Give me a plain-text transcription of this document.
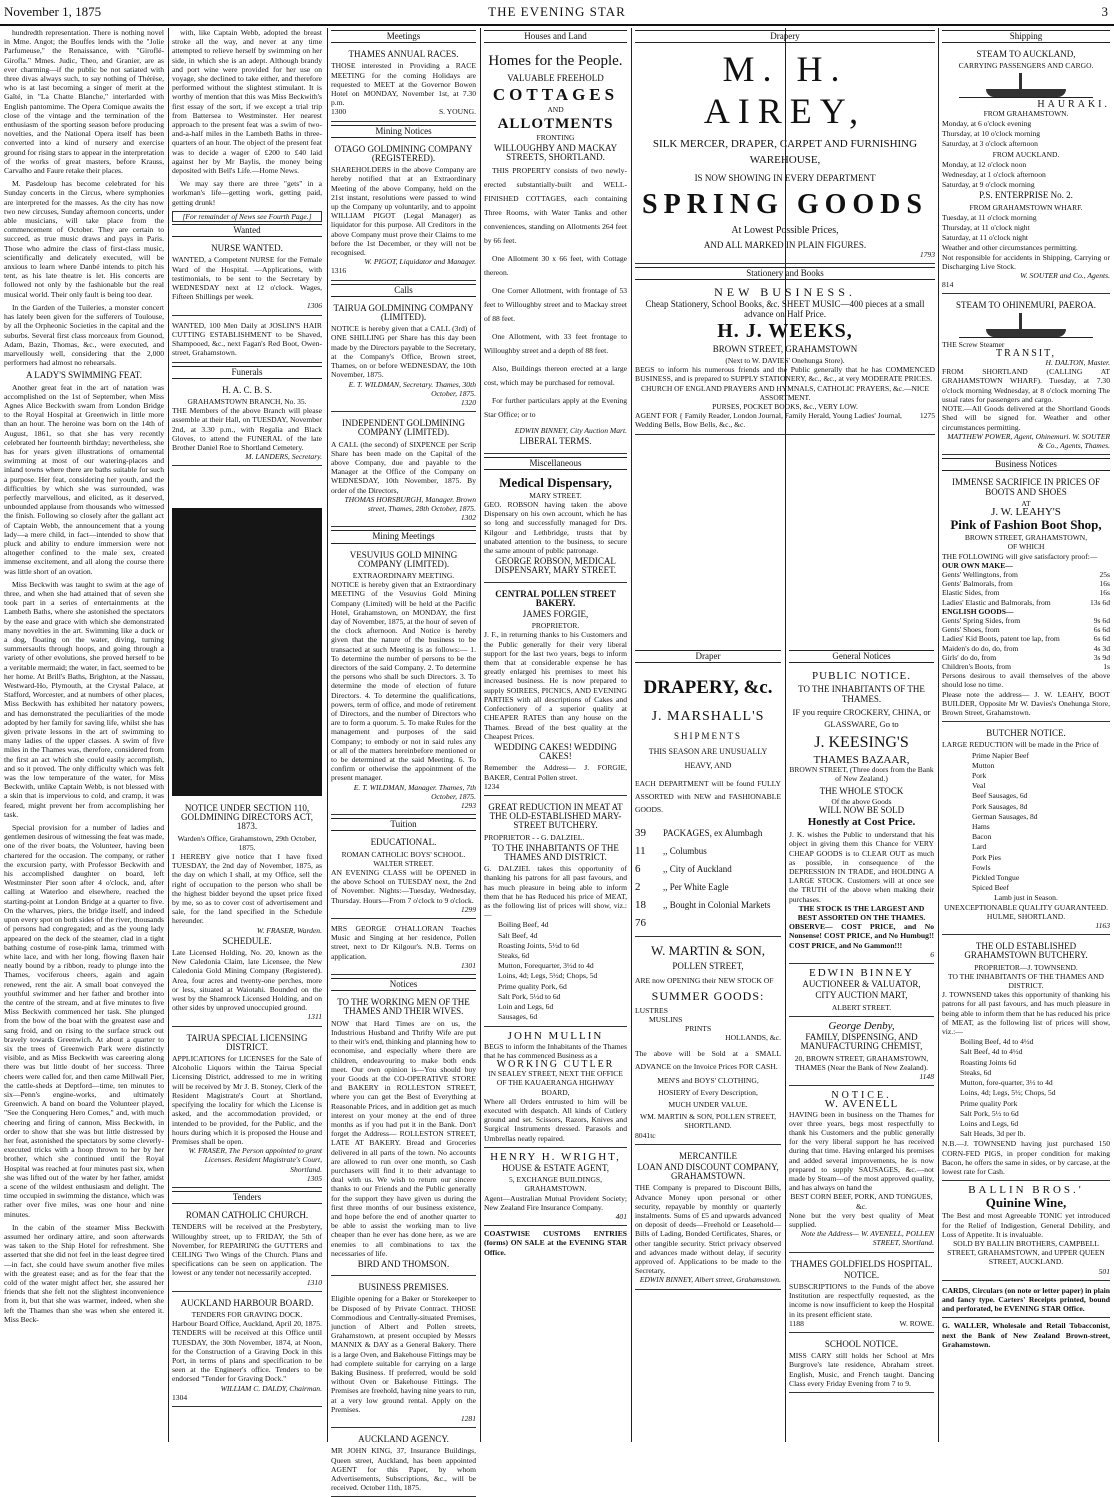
November 1, 1875	THE EVENING STAR	3

hundredth representation. There is nothing novel in Mme. Angot; the Bouffes lends with the "Jolie Parfumeuse," the Renaissance, with "Giroflé-Girofla." Mmes. Judic, Theo, and Granier, are as ever charming—if the public be not satiated with three divas always such, to say nothing of Thérèse, who is at last becoming a singer of merit at the Gaîté, in "La Chatte Blanche," interlarded with English pantomime. The Opera Comique awaits the close of the vintage and the termination of the enthusiasm of the sporting season before producing novelties, and the National Opera itself has been converted into a kind of nursery and exercise ground for rising stars to appear in the interpretation of the works of great masters, before Krauss, Carvalho and Faure retake their places.

M. Pasdeloup has become celebrated for his Sunday concerts in the Circus, where symphonies are interpreted for the masses. As the city has now two new circuses, Sunday afternoon concerts, under able musicians, will take place from the commencement of October. They are certain to succeed, as true music draws and pays in Paris. Those who admire the class of first-class music, scientifically and delicately executed, will be anxious to learn where Danbé intends to pitch his tent, as his late theatre is let. His concerts are followed not only by the fashionable but the real musical world. Their only fault is being too dear.

In the Garden of the Tuileries, a monster concert has lately been given for the sufferers of Toulouse, by all the Orpheonic Societies in the capital and the suburbs. Several first class morceaux from Gounod, Adam, Bazin, Thomas, &c., were executed, and marvellously well, considering that the 2,000 performers had almost no rehearsals.

A LADY'S SWIMMING FEAT.

Another great feat in the art of natation was accomplished on the 1st of September, when Miss Agnes Alice Beckwith swam from London Bridge to the Royal Hospital at Greenwich in little more than an hour. The heroine was born on the 14th of August, 1861, so that she has very recently celebrated her fourteenth birthday; nevertheless, she has for years given illustrations of ornamental swimming at most of our watering-places and inland towns where there are baths suitable for such a purpose. Her feat, considering her youth, and the difficulties by which she was surrounded, was perfectly marvellous, and elicited, as it deserved, unbounded applause from thousands who witnessed the finish. Following so closely after the gallant act of Captain Webb, the announcement that a young lady—a mere child, in fact—intended to show that pluck and ability to endure immersion were not altogether confined to the male sex, created immense excitement, and all along the course there was little short of an ovation.

Miss Beckwith was taught to swim at the age of three, and when she had attained that of seven she took part in a series of entertainments at the Lambeth Baths, where she astonished the spectators by the ease and grace with which she demonstrated many novelties in the art. Swimming like a duck or a dog, floating on the water, diving, turning summersaults through hoops, and going through a variety of other evolutions, she proved herself to be a veritable mermaid; the water, in fact, seemed to be her home. At Brill's Baths, Brighton, at the Nassau, Westward-Ho, Plymouth, at the Crystal Palace, at Stafford, Worcester, and at numbers of other places, Miss Beckwith has exhibited her natatory powers, and has demonstrated the peculiarities of the mode adopted by her family for saving life, whilst she has given private lessons in the art of swimming to many ladies of the upper classes. A swim of five miles in the Thames was, therefore, considered from the first an act which she could easily accomplish, and so it proved. The only difficulty which was felt was the low temperature of the water, for Miss Beckwith, unlike Captain Webb, is not blessed with a skin that is impervious to cold, and cramp, it was feared, might prevent her from accomplishing her task.

Special provision for a number of ladies and gentlemen desirous of witnessing the feat was made, one of the river boats, the Volunteer, having been chartered for the occasion. The company, or rather the excursion party, with Professor Beckwith and his accomplished daughter on board, left Westminster Pier soon after 4 o'clock, and, after calling at Waterloo and elsewhere, reached the starting-point at London Bridge at a quarter to five. On the wharves, piers, the bridge itself, and indeed upon every spot on both sides of the river, thousands of persons had congregated; and as the young lady appeared on the deck of the steamer, clad in a tight bathing costume of rose-pink lama, trimmed with white lace, and with her long, flowing flaxen hair neatly bound by a ribbon, ready to plunge into the Thames, vociferous cheers, again and again renewed, rent the air. A small boat conveyed the youthful swimmer and her father and brother into the centre of the stream, and at five minutes to five Miss Beckwith commenced her task. She plunged from the bow of the boat with the greatest ease and sang froid, and on rising to the surface struck out bravely towards Greenwich. At about a quarter to six the trees of Greenwich Park were distinctly visible, and as Miss Beckwith was careering along there was but little doubt of her success. Three cheers were called for, and then came Millwall Pier, the cattle-sheds at Deptford—time, ten minutes to six—Penn's engine-works, and ultimately Greenwich. A band on board the Volunteer played, "See the Conquering Hero Comes," and, with much cheering and firing of cannon, Miss Beckwith, in order to show that she was but little distressed by her feat, astonished the spectators by some cleverly-executed tricks with a hoop thrown to her by her brother, which she continued until the Royal Hospital was reached at four minutes past six, when she was lifted out of the water by her father, amidst a scene of the wildest enthusiasm and delight. The time occupied in swimming the distance, which was rather over five miles, was one hour and nine minutes.

In the cabin of the steamer Miss Beckwith assumed her ordinary attire, and soon afterwards was taken to the Ship Hotel for refreshment. She asserted that she did not feel in the least degree tired—in fact, she could have swum another five miles with the greatest ease; and as for the fear that the cold of the water might affect her, she assured her friends that she felt not the slightest inconvenience from it, but that she was warmer, indeed, when she left the Thames than she was when she entered it. Miss Beck-

with, like Captain Webb, adopted the breast stroke all the way, and never at any time attempted to relieve herself by swimming on her side, in which she is an adept. Although brandy and port wine were provided for her use on voyage, she declined to take either, and therefore performed without the slightest stimulant. It is worthy of mention that this was Miss Beckwith's first essay of the sort, if we except a trial trip from Battersea to Westminster. Her nearest approach to the present feat was a swim of two-and-a-half miles in the Lambeth Baths in three-quarters of an hour. The object of the present feat was to decide a wager of £200 to £40 laid against her by Mr Baylis, the money being deposited with Bell's Life.—Home News.

We may say there are three "gets" in a workman's life—getting work, getting paid, getting drunk!

[For remainder of News see Fourth Page.]
Wanted
NURSE WANTED.
WANTED, a Competent NURSE for the Female Ward of the Hospital. —Applications, with testimonials, to be sent to the Secretary by WEDNESDAY next at 12 o'clock. Wages, Fifteen Shillings per week.
1306
WANTED, 100 Men Daily at JOSLIN'S HAIR CUTTING ESTABLISHMENT to be Shaved, Shampooed, &c., next Fagan's Red Boot, Owen-street, Grahamstown.
Funerals
H. A. C. B. S.
GRAHAMSTOWN BRANCH, No. 35.
THE Members of the above Branch will please assemble at their Hall, on TUESDAY, November 2nd, at 3.30 p.m., with Regalia and Black Gloves, to attend the FUNERAL of the late Brother Daniel Roe to Shortland Cemetery.
M. LANDERS, Secretary.
NOTICE UNDER SECTION 110, GOLDMINING DIRECTORS ACT, 1873.
Warden's Office, Grahamstown, 29th October, 1875.
I HEREBY give notice that I have fixed TUESDAY, the 2nd day of November, 1875, as the day on which I shall, at my Office, sell the right of occupation to the person who shall be the highest bidder beyond the upset price fixed by me, so as to cover cost of advertisement and sale, for the land specified in the Schedule hereunder.
W. FRASER, Warden.
SCHEDULE.
Late Licensed Holding, No. 20, known as the New Caledonia Claim, late Licensee, the New Caledonia Gold Mining Company (Registered). Area, four acres and twenty-one perches, more or less, situated at Waiotahi. Bounded on the west by the Shamrock Licensed Holding, and on other sides by unproved unoccupied ground.
1311
TAIRUA SPECIAL LICENSING DISTRICT.
APPLICATIONS for LICENSES for the Sale of Alcoholic Liquors within the Tairua Special Licensing District, addressed to me in writing will be received by Mr J. B. Stoney, Clerk of the Resident Magistrate's Court at Shortland, specifying the locality for which the License is asked, and the accommodation provided, or intended to be provided, for the Public, and the hours during which it is proposed the House and Premises shall be open.
W. FRASER, The Person appointed to grant Licenses. Resident Magistrate's Court, Shortland.
1305
Tenders
ROMAN CATHOLIC CHURCH.
TENDERS will be received at the Presbytery, Willoughby street, up to FRIDAY, the 5th of November, for REPAIRING the GUTTERS and CEILING Two Wings of the Church. Plans and specifications can be seen on application. The lowest or any tender not necessarily accepted.
1310
AUCKLAND HARBOUR BOARD.
TENDERS FOR GRAVING DOCK.
Harbour Board Office, Auckland, April 20, 1875. TENDERS will be received at this Office until TUESDAY, the 30th November, 1874, at Noon, for the Construction of a Graving Dock in this Port, in terms of plans and specification to be seen at the Engineer's office. Tenders to be endorsed "Tender for Graving Dock."
WILLIAM C. DALDY, Chairman.
1304
Meetings
THAMES ANNUAL RACES.
THOSE interested in Providing a RACE MEETING for the coming Holidays are requested to MEET at the Governor Bowen Hotel on MONDAY, November 1st, at 7.30 p.m.
1300	S. YOUNG.
Mining Notices
OTAGO GOLDMINING COMPANY (REGISTERED).
SHAREHOLDERS in the above Company are hereby notified that at an Extraordinary Meeting of the above Company, held on the 21st instant, resolutions were passed to wind up the Company up voluntarily, and to appoint WILLIAM PIGOT (Legal Manager) as liquidator for this purpose. All Creditors in the above Company must prove their Claims to me before the 1st December, or they will not be recognised.
W. PIGOT, Liquidator and Manager.
1316
Calls
TAIRUA GOLDMINING COMPANY (LIMITED).
NOTICE is hereby given that a CALL (3rd) of ONE SHILLING per Share has this day been made by the Directors payable to the Secretary, at the Company's Office, Brown street, Thames, on or before WEDNESDAY, the 10th November, 1875.
E. T. WILDMAN, Secretary. Thames, 30th October, 1875.
1320
INDEPENDENT GOLDMINING COMPANY (LIMITED).
A CALL (the second) of SIXPENCE per Scrip Share has been made on the Capital of the above Company, due and payable to the Manager at the Office of the Company on WEDNESDAY, 10th November, 1875. By order of the Directors,
THOMAS HORSBURGH, Manager. Brown street, Thames, 28th October, 1875.
1302
Mining Meetings
VESUVIUS GOLD MINING COMPANY (LIMITED).
EXTRAORDINARY MEETING.
NOTICE is hereby given that an Extraordinary MEETING of the Vesuvius Gold Mining Company (Limited) will be held at the Pacific Hotel, Grahamstown, on MONDAY, the first day of November, 1875, at the hour of seven of the clock afternoon. And Notice is hereby given that the nature of the business to be transacted at such Meeting is as follows:— 1. To determine the number of persons to be the directors of the said Company. 2. To determine the persons who shall be such Directors. 3. To determine the mode of election of future Directors. 4. To determine the qualifications, powers, term of office, and mode of retirement of Directors, and the number of Directors who are to form a quorum. 5. To make Rules for the management and purposes of the said Company; to embody or not in said rules any or all of the matters hereinbefore mentioned or to be determined at the said Meeting. 6. To confirm or otherwise the appointment of the present manager.
E. T. WILDMAN, Manager. Thames, 7th October, 1875.
1293
Tuition
EDUCATIONAL.
ROMAN CATHOLIC BOYS' SCHOOL. WALTER STREET.
AN EVENING CLASS will be OPENED in the above School on TUESDAY next, the 2nd of November. Nights:—Tuesday, Wednesday, Thursday. Hours—From 7 o'clock to 9 o'clock.
1299
MRS GEORGE O'HALLORAN Teaches Music and Singing at her residence, Pollen street, next to Dr Kilgour's. N.B. Terms on application.
1301
Notices
TO THE WORKING MEN OF THE THAMES AND THEIR WIVES.
NOW that Hard Times are on us, the Industrious Husband and Thrifty Wife are put to their wit's end, thinking and planning how to economise, and especially where there are children, endeavouring to make both ends meet. Our own opinion is—You should buy your Goods at the CO-OPERATIVE STORE and BAKERY in ROLLESTON STREET, where you can get the Best of Everything at Reasonable Prices, and in addition get as much interest on your money at the end of three months as if you had put it in the Bank. Don't forget the Address— ROLLESTON STREET, LATE AT BAKERY. Bread and Groceries delivered in all parts of the town. No accounts are allowed to run over one month, so Cash purchasers will find it to their advantage to deal with us. We wish to return our sincere thanks to our Friends and the Public generally for the support they have given us during the first three months of our business existence, and hope before the end of another quarter to be able to assist the working man to live cheaper than he ever has done here, as we are enemies to all combinations to tax the necessaries of life.
BIRD AND THOMSON.
BUSINESS PREMISES.
Eligible opening for a Baker or Storekeeper to be Disposed of by Private Contract. THOSE Commodious and Centrally-situated Premises, junction of Albert and Pollen streets, Grahamstown, at present occupied by Messrs MANNIX & DAY as a General Bakery. There is a large Oven, and Bakehouse Fittings may be had complete suitable for carrying on a large Baking Business. If preferred, would be sold without Oven or Bakehouse Fittings. The Premises are freehold, having nine years to run, at a very low ground rental. Apply on the Premises.
1281
AUCKLAND AGENCY.
MR JOHN KING, 37, Insurance Buildings, Queen street, Auckland, has been appointed AGENT for this Paper, by whom Advertisements, Subscriptions, &c., will be received. October 11th, 1875.
Houses and Land
Homes for the People.
VALUABLE FREEHOLD
COTTAGES
AND
ALLOTMENTS
FRONTING
WILLOUGHBY AND MACKAY STREETS, SHORTLAND.

THIS PROPERTY consists of two newly-erected substantially-built and WELL-FINISHED COTTAGES, each containing Three Rooms, with Water Tanks and other conveniences, standing on Allotments 264 feet by 66 feet.

One Allotment 30 x 66 feet, with Cottage thereon.

One Corner Allotment, with frontage of 53 feet to Willoughby street and to Mackay street of 88 feet.

One Allotment, with 33 feet frontage to Willoughby street and a depth of 88 feet.

Also, Buildings thereon erected at a large cost, which may be purchased for removal.

For further particulars apply at the Evening Star Office; or to

EDWIN BINNEY, City Auction Mart.
LIBERAL TERMS.
Miscellaneous
Medical Dispensary,
MARY STREET.
GEO. ROBSON having taken the above Dispensary on his own account, which he has so long and successfully managed for Drs. Kilgour and Lethbridge, trusts that by unabated attention to the business, to secure the same amount of public patronage.
GEORGE ROBSON, MEDICAL DISPENSARY, MARY STREET.
CENTRAL POLLEN STREET BAKERY.
JAMES FORGIE,
PROPRIETOR.
J. F., in returning thanks to his Customers and the Public generally for their very liberal support for the last two years, begs to inform them that at considerable expense he has greatly enlarged his premises to meet his increased business. He is now prepared to supply SOIREES, PICNICS, AND EVENING PARTIES with all descriptions of Cakes and Confectionery of a superior quality at CHEAPER RATES than any house on the Thames. Bread of the best quality at the Cheapest Prices.
WEDDING CAKES! WEDDING CAKES!
Remember the Address— J. FORGIE, BAKER, Central Pollen street.
1234
GREAT REDUCTION IN MEAT AT THE OLD-ESTABLISHED MARY-STREET BUTCHERY.
PROPRIETOR - - G. DALZIEL.
TO THE INHABITANTS OF THE THAMES AND DISTRICT.
G. DALZIEL takes this opportunity of thanking his patrons for all past favours, and has much pleasure in being able to inform them that he has Reduced his price of MEAT, as the following list of prices will show, viz.:—
Boiling Beef, 4d
Salt Beef, 4d
Roasting Joints, 5½d to 6d
Steaks, 6d
Mutton, Forequarter, 3½d to 4d
Loins, 4d; Legs, 5½d; Chops, 5d
Prime quality Pork, 6d
Salt Pork, 5½d to 6d
Loin and Legs, 6d
Sausages, 6d
JOHN MULLIN
BEGS to inform the Inhabitants of the Thames that he has commenced Business as a
WORKING CUTLER
IN SEALEY STREET, NEXT THE OFFICE OF THE KAUAERANGA HIGHWAY BOARD,
Where all Orders entrusted to him will be executed with despatch. All kinds of Cutlery ground and set. Scissors, Razors, Knives and Surgical Instruments dressed. Parasols and Umbrellas neatly repaired.
HENRY H. WRIGHT,
HOUSE & ESTATE AGENT,
5, EXCHANGE BUILDINGS, GRAHAMSTOWN.
Agent—Australian Mutual Provident Society; New Zealand Fire Insurance Company.
401
COASTWISE CUSTOMS ENTRIES (forms) ON SALE at the EVENING STAR Office.
Drapery
M. H. AIREY,
SILK MERCER, DRAPER, CARPET AND FURNISHING WAREHOUSE,
IS NOW SHOWING IN EVERY DEPARTMENT
SPRING GOODS
At Lowest Possible Prices,
AND ALL MARKED IN PLAIN FIGURES.
1793
Stationery and Books
NEW BUSINESS.
Cheap Stationery, School Books, &c. SHEET MUSIC—400 pieces at a small advance on Half Price.
H. J. WEEKS,
BROWN STREET, GRAHAMSTOWN
(Next to W. DAVIES' Onehunga Store).
BEGS to inform his numerous friends and the Public generally that he has COMMENCED BUSINESS, and is prepared to SUPPLY STATIONERY, &c., &c., at very MODERATE PRICES.
CHURCH OF ENGLAND PRAYERS AND HYMNALS, CATHOLIC PRAYERS, &c.—NICE ASSORTMENT.
PURSES, POCKET BOOKS, &c., VERY LOW.
AGENT FOR { Family Reader, London Journal, Family Herald, Young Ladies' Journal, Wedding Bells, Bow Bells, &c., &c.
1275
Draper
DRAPERY, &c.
J. MARSHALL'S
SHIPMENTS
THIS SEASON ARE UNUSUALLY HEAVY, AND
EACH DEPARTMENT will be found FULLY ASSORTED with NEW and FASHIONABLE GOODS.
39	PACKAGES, ex Alumbagh
11	,, Columbus
6	,, City of Auckland
2	,, Per White Eagle
18	,, Bought in Colonial Markets
76
W. MARTIN & SON,
POLLEN STREET,
ARE now OPENING their NEW STOCK OF
SUMMER GOODS:
LUSTRES
MUSLINS
PRINTS
HOLLANDS, &c.
The above will be Sold at a SMALL ADVANCE on the Invoice Prices FOR CASH.
MEN'S and BOYS' CLOTHING,
HOSIERY of Every Description,
MUCH UNDER VALUE.
WM. MARTIN & SON, POLLEN STREET, SHORTLAND.
8041tc
MERCANTILE
LOAN AND DISCOUNT COMPANY, GRAHAMSTOWN.
THE Company is prepared to Discount Bills, Advance Money upon personal or other security, repayable by monthly or quarterly instalments. Sums of £5 and upwards advanced on deposit of deeds—Freehold or Leasehold—Bills of Lading, Bonded Certificates, Shares, or other tangible security. Strict privacy observed and advances made without delay, if security approved of. Applications to be made to the Secretary,
EDWIN BINNEY, Albert street, Grahamstown.
General Notices
PUBLIC NOTICE.
TO THE INHABITANTS OF THE THAMES.
IF you require CROCKERY, CHINA, or GLASSWARE, Go to
J. KEESING'S
THAMES BAZAAR,
BROWN STREET, (Three doors from the Bank of New Zealand.)
THE WHOLE STOCK
Of the above Goods
WILL NOW BE SOLD
Honestly at Cost Price.
J. K. wishes the Public to understand that his object in giving them this Chance for VERY CHEAP GOODS is to CLEAR OUT as much as possible, in consequence of the DEPRESSION IN TRADE, and HOLDING A LARGE STOCK. Customers will at once see the TRUTH of the above when making their purchases.
THE STOCK IS THE LARGEST AND BEST ASSORTED ON THE THAMES.
OBSERVE— COST PRICE, and No Nonsense! COST PRICE, and No Humbug!! COST PRICE, and No Gammon!!!
6
EDWIN BINNEY
AUCTIONEER & VALUATOR,
CITY AUCTION MART,
ALBERT STREET.
George Denby,
FAMILY, DISPENSING, AND MANUFACTURING CHEMIST,
20, BROWN STREET, GRAHAMSTOWN, THAMES (Near the Bank of New Zealand).
1148
NOTICE.
W. AVENELL
HAVING been in business on the Thames for over three years, begs most respectfully to thank his Customers and the public generally for the very liberal support he has received during that time. Having enlarged his premises and added several improvements, he is now prepared to supply SAUSAGES, &c.—not made by Steam—of the most approved quality, and has always on hand the
BEST CORN BEEF, PORK, AND TONGUES, &c.
None but the very best quality of Meat supplied.
Note the Address— W. AVENELL, POLLEN STREET, Shortland.
THAMES GOLDFIELDS HOSPITAL.
NOTICE.
SUBSCRIPTIONS to the Funds of the above Institution are respectfully requested, as the income is now insufficient to keep the Hospital in its present efficient state.
1188	W. ROWE.
SCHOOL NOTICE.
MISS CARY still holds her School at Mrs Burgrove's late residence, Abraham street. English, Music, and French taught. Dancing Class every Friday Evening from 7 to 9.
Shipping
STEAM TO AUCKLAND,
CARRYING PASSENGERS AND CARGO.
HAURAKI.
FROM GRAHAMSTOWN.
Monday, at 6 o'clock evening
Thursday, at 10 o'clock morning
Saturday, at 3 o'clock afternoon
FROM AUCKLAND.
Monday, at 12 o'clock noon
Wednesday, at 1 o'clock afternoon
Saturday, at 9 o'clock morning
P.S. ENTERPRISE No. 2.
FROM GRAHAMSTOWN WHARF.
Tuesday, at 11 o'clock morning
Thursday, at 11 o'clock night
Saturday, at 11 o'clock night
Weather and other circumstances permitting.
Not responsible for accidents in Shipping, Carrying or Discharging Live Stock.
W. SOUTER and Co., Agents.
814
STEAM TO OHINEMURI, PAEROA.
THE Screw Steamer
TRANSIT,
H. DALTON, Master.
FROM SHORTLAND (CALLING AT GRAHAMSTOWN WHARF). Tuesday, at 7.30 o'clock morning Wednesday, at 8 o'clock morning The usual rates for passengers and cargo.
NOTE.—All Goods delivered at the Shortland Goods Shed will be signed for. Weather and other circumstances permitting.
MATTHEW POWER, Agent, Ohinemuri. W. SOUTER & Co., Agents, Thames.
Business Notices
IMMENSE SACRIFICE IN PRICES OF BOOTS AND SHOES
AT
J. W. LEAHY'S
Pink of Fashion Boot Shop,
BROWN STREET, GRAHAMSTOWN,
OF WHICH
THE FOLLOWING will give satisfactory proof:—
OUR OWN MAKE—
Gents' Wellingtons, from	25s
Gents' Balmorals, from	16s
Elastic Sides, from	16s
Ladies' Elastic and Balmorals, from	13s 6d
ENGLISH GOODS—
Gents' Spring Sides, from	9s 6d
Gents' Shoes, from	6s 6d
Ladies' Kid Boots, patent toe lap, from	6s 6d
Maiden's do do, do, from	4s 3d
Girls' do do, from	3s 9d
Children's Boots, from	1s
Persons desirous to avail themselves of the above should lose no time.
Please note the address— J. W. LEAHY, BOOT BUILDER, Opposite Mr W. Davies's Onehunga Store, Brown Street, Grahamstown.
BUTCHER NOTICE.
LARGE REDUCTION will be made in the Price of
Prime Napier Beef
Mutton
Pork
Veal
Beef Sausages, 6d
Pork Sausages, 8d
German Sausages, 8d
Hams
Bacon
Lard
Pork Pies
Fowls
Pickled Tongue
Spiced Beef
Lamb just in Season.
UNEXCEPTIONABLE QUALITY GUARANTEED.
HULME, SHORTLAND.
1163
THE OLD ESTABLISHED GRAHAMSTOWN BUTCHERY.
PROPRIETOR—J. TOWNSEND.
TO THE INHABITANTS OF THE THAMES AND DISTRICT.
J. TOWNSEND takes this opportunity of thanking his patrons for all past favours, and has much pleasure in being able to inform them that he has reduced his price of MEAT, as the following list of prices will show, viz.:—
Boiling Beef, 4d to 4½d
Salt Beef, 4d to 4½d
Roasting Joints 6d
Steaks, 6d
Mutton, fore-quarter, 3½ to 4d
Loins, 4d; Legs, 5½; Chops, 5d
Prime quality Pork
Salt Pork, 5½ to 6d
Loins and Legs, 6d
Salt Heads, 3d per lb.
N.B.—J. TOWNSEND having just purchased 150 CORN-FED PIGS, in proper condition for making Bacon, he offers the same in sides, or by carcase, at the lowest rate for Cash.
BALLIN BROS.'
Quinine Wine,
The Best and most Agreeable TONIC yet introduced for the Relief of Indigestion, General Debility, and Loss of Appetite. It is invaluable.
SOLD BY BALLIN BROTHERS, CAMPBELL STREET, GRAHAMSTOWN, and UPPER QUEEN STREET, AUCKLAND.
501
CARDS, Circulars (on note or letter paper) in plain and fancy type. Carters' Receipts printed, bound and perforated, be EVENING STAR Office.
G. WALLER, Wholesale and Retail Tobacconist, next the Bank of New Zealand Brown-street, Grahamstown.
